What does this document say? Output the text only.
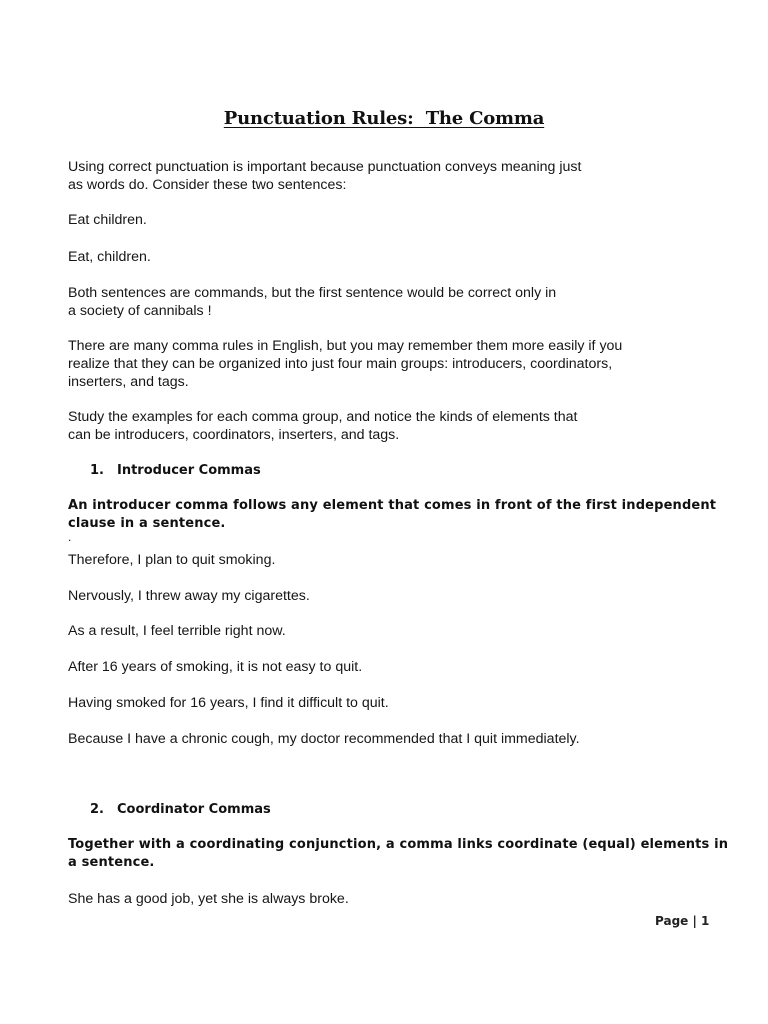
Punctuation Rules:  The Comma
Using correct punctuation is important because punctuation conveys meaning just
as words do. Consider these two sentences:
Eat children.
Eat, children.
Both sentences are commands, but the first sentence would be correct only in
a society of cannibals !
There are many comma rules in English, but you may remember them more easily if you
realize that they can be organized into just four main groups: introducers, coordinators,
inserters, and tags.
Study the examples for each comma group, and notice the kinds of elements that
can be introducers, coordinators, inserters, and tags.
1. Introducer Commas
An introducer comma follows any element that comes in front of the first independent
clause in a sentence.
.
Therefore, I plan to quit smoking.
Nervously, I threw away my cigarettes.
As a result, I feel terrible right now.
After 16 years of smoking, it is not easy to quit.
Having smoked for 16 years, I find it difficult to quit.
Because I have a chronic cough, my doctor recommended that I quit immediately.
2. Coordinator Commas
Together with a coordinating conjunction, a comma links coordinate (equal) elements in
a sentence.
She has a good job, yet she is always broke.
Page | 1
